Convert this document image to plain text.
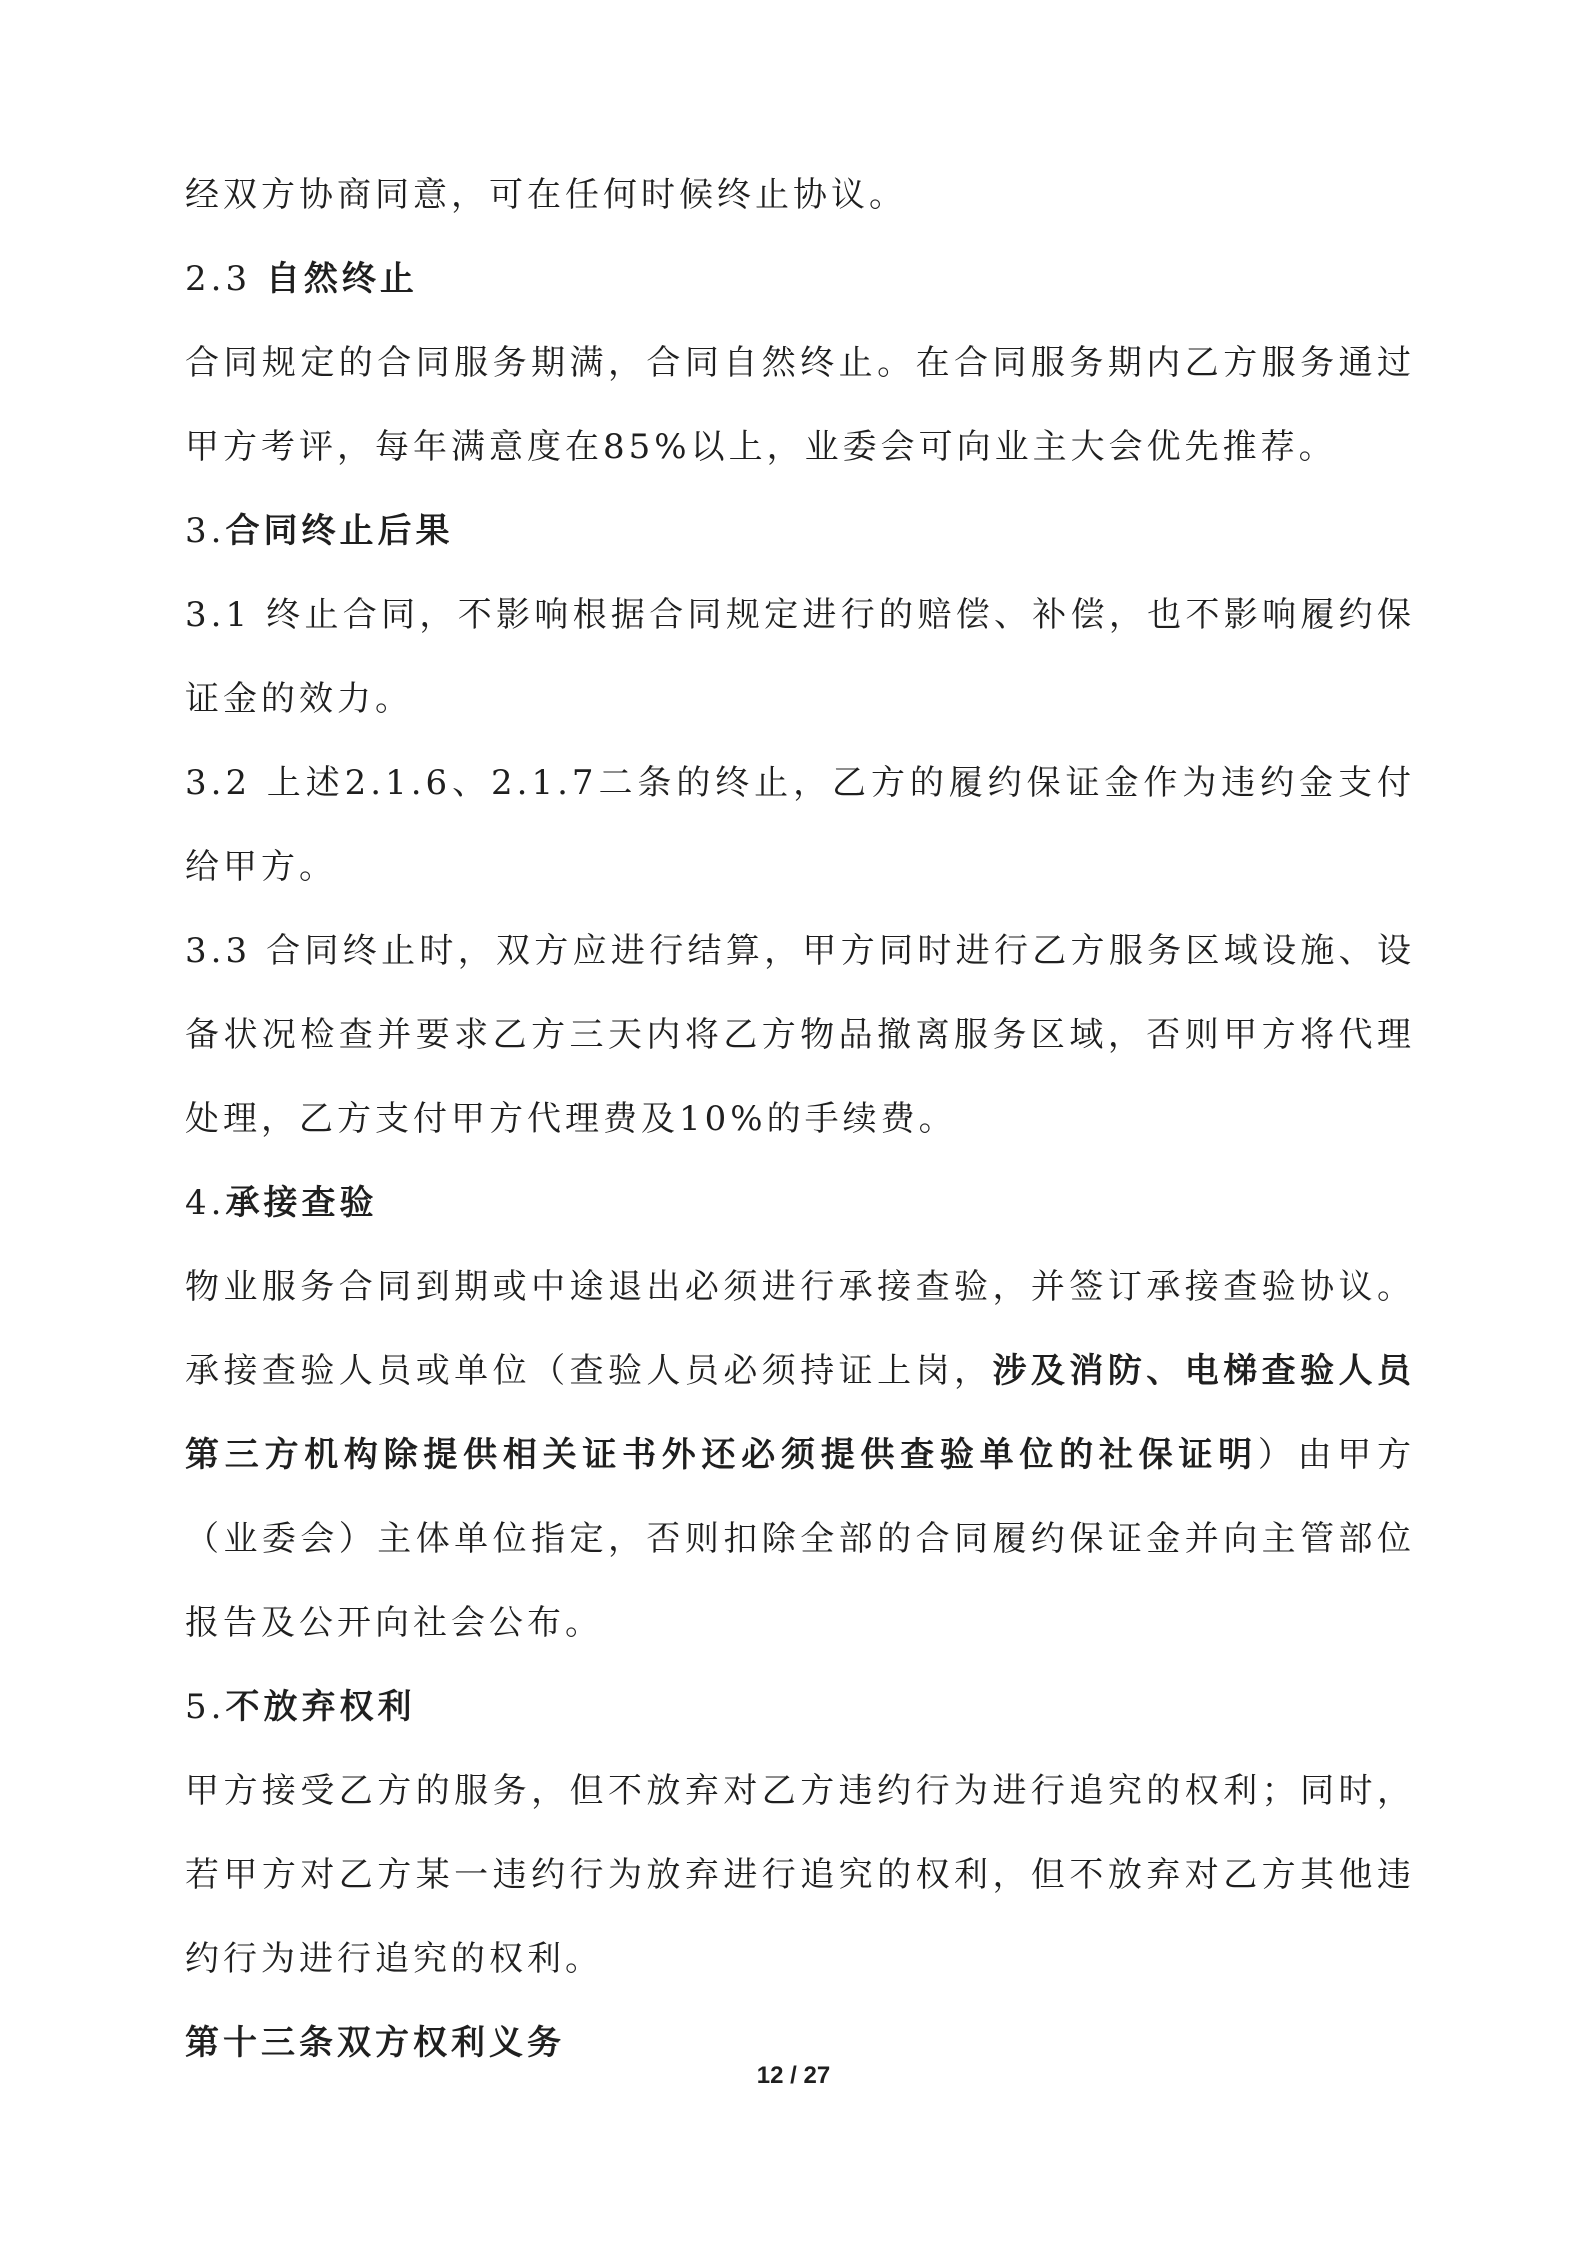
经双方协商同意，可在任何时候终止协议。

2.3 自然终止

合同规定的合同服务期满，合同自然终止。在合同服务期内乙方服务通过甲方考评，每年满意度在85%以上，业委会可向业主大会优先推荐。

3.合同终止后果

3.1 终止合同，不影响根据合同规定进行的赔偿、补偿，也不影响履约保证金的效力。

3.2 上述2.1.6、2.1.7二条的终止，乙方的履约保证金作为违约金支付给甲方。

3.3 合同终止时，双方应进行结算，甲方同时进行乙方服务区域设施、设备状况检查并要求乙方三天内将乙方物品撤离服务区域，否则甲方将代理处理，乙方支付甲方代理费及10%的手续费。

4.承接查验

物业服务合同到期或中途退出必须进行承接查验，并签订承接查验协议。承接查验人员或单位（查验人员必须持证上岗，涉及消防、电梯查验人员第三方机构除提供相关证书外还必须提供查验单位的社保证明）由甲方（业委会）主体单位指定，否则扣除全部的合同履约保证金并向主管部位报告及公开向社会公布。

5.不放弃权利

甲方接受乙方的服务，但不放弃对乙方违约行为进行追究的权利；同时，若甲方对乙方某一违约行为放弃进行追究的权利，但不放弃对乙方其他违约行为进行追究的权利。

第十三条双方权利义务

12 / 27
